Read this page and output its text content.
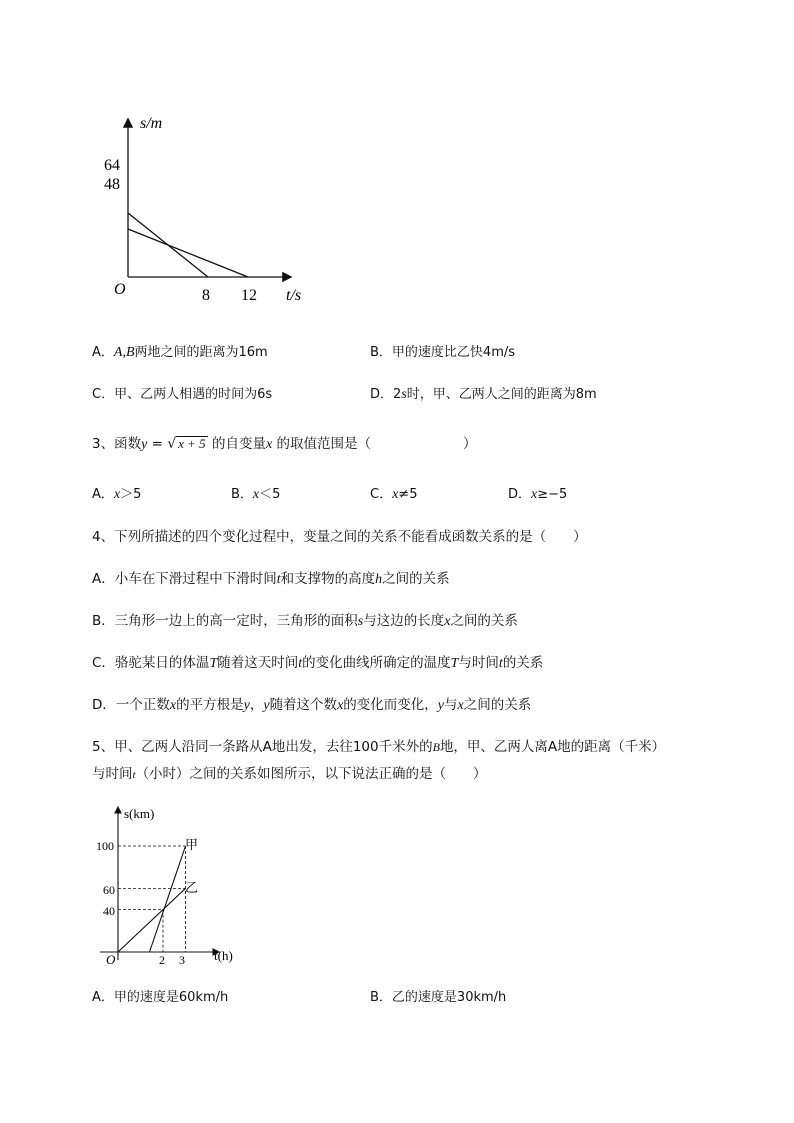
s/m
t/s
O
64
48
8 12
A．A,B两地之间的距离为16m	B．甲的速度比乙快4m/s
C．甲、乙两人相遇的时间为6s	D．2s时，甲、乙两人之间的距离为8m
3、函数y = √ x + 5 的自变量x 的取值范围是（	）
A．x＞5	B．x＜5	C．x≠5	D．x≥−5
4、下列所描述的四个变化过程中，变量之间的关系不能看成函数关系的是（　　）
A．小车在下滑过程中下滑时间t和支撑物的高度h之间的关系
B．三角形一边上的高一定时，三角形的面积s与这边的长度x之间的关系
C．骆驼某日的体温T随着这天时间t的变化曲线所确定的温度T与时间t的关系
D．一个正数x的平方根是y，y随着这个数x的变化而变化，y与x之间的关系
5、甲、乙两人沿同一条路从A地出发，去往100千米外的B地，甲、乙两人离A地的距离（千米）
与时间t（小时）之间的关系如图所示，以下说法正确的是（　　）
s(km)
t(h)
O
100
60
40
2 3
甲
乙
A．甲的速度是60km/h	B．乙的速度是30km/h
